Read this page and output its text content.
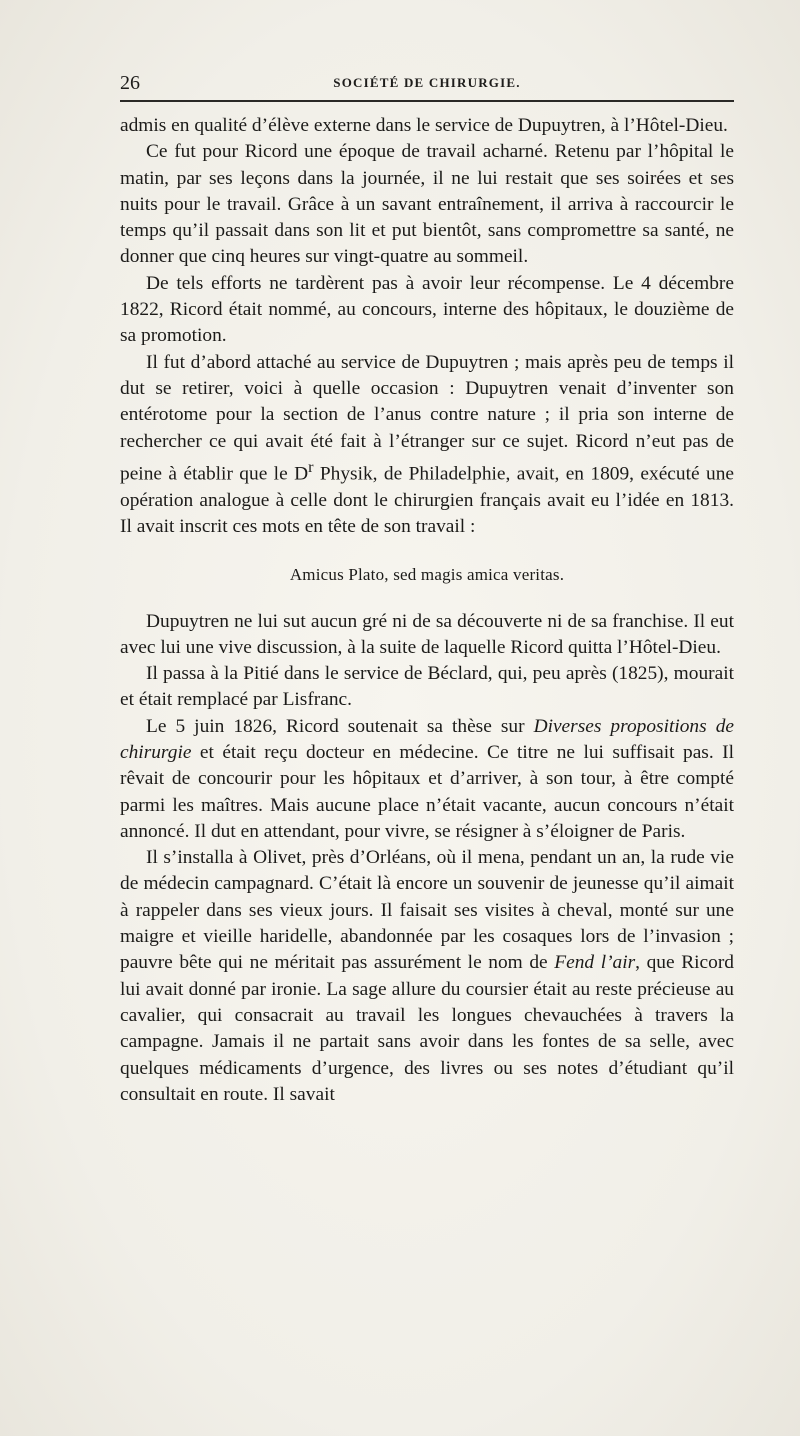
26	SOCIÉTÉ DE CHIRURGIE.

admis en qualité d’élève externe dans le service de Dupuytren, à l’Hôtel-Dieu.

Ce fut pour Ricord une époque de travail acharné. Retenu par l’hôpital le matin, par ses leçons dans la journée, il ne lui restait que ses soirées et ses nuits pour le travail. Grâce à un savant entraînement, il arriva à raccourcir le temps qu’il passait dans son lit et put bientôt, sans compromettre sa santé, ne donner que cinq heures sur vingt-quatre au sommeil.

De tels efforts ne tardèrent pas à avoir leur récompense. Le 4 décembre 1822, Ricord était nommé, au concours, interne des hôpitaux, le douzième de sa promotion.

Il fut d’abord attaché au service de Dupuytren ; mais après peu de temps il dut se retirer, voici à quelle occasion : Dupuytren venait d’inventer son entérotome pour la section de l’anus contre nature ; il pria son interne de rechercher ce qui avait été fait à l’étranger sur ce sujet. Ricord n’eut pas de peine à établir que le $D^r$ Physik, de Philadelphie, avait, en 1809, exécuté une opération analogue à celle dont le chirurgien français avait eu l’idée en 1813. Il avait inscrit ces mots en tête de son travail :

Amicus Plato, sed magis amica veritas.

Dupuytren ne lui sut aucun gré ni de sa découverte ni de sa franchise. Il eut avec lui une vive discussion, à la suite de laquelle Ricord quitta l’Hôtel-Dieu.

Il passa à la Pitié dans le service de Béclard, qui, peu après (1825), mourait et était remplacé par Lisfranc.

Le 5 juin 1826, Ricord soutenait sa thèse sur Diverses propositions de chirurgie et était reçu docteur en médecine. Ce titre ne lui suffisait pas. Il rêvait de concourir pour les hôpitaux et d’arriver, à son tour, à être compté parmi les maîtres. Mais aucune place n’était vacante, aucun concours n’était annoncé. Il dut en attendant, pour vivre, se résigner à s’éloigner de Paris.

Il s’installa à Olivet, près d’Orléans, où il mena, pendant un an, la rude vie de médecin campagnard. C’était là encore un souvenir de jeunesse qu’il aimait à rappeler dans ses vieux jours. Il faisait ses visites à cheval, monté sur une maigre et vieille haridelle, abandonnée par les cosaques lors de l’invasion ; pauvre bête qui ne méritait pas assurément le nom de Fend l’air, que Ricord lui avait donné par ironie. La sage allure du coursier était au reste précieuse au cavalier, qui consacrait au travail les longues chevauchées à travers la campagne. Jamais il ne partait sans avoir dans les fontes de sa selle, avec quelques médicaments d’urgence, des livres ou ses notes d’étudiant qu’il consultait en route. Il savait
